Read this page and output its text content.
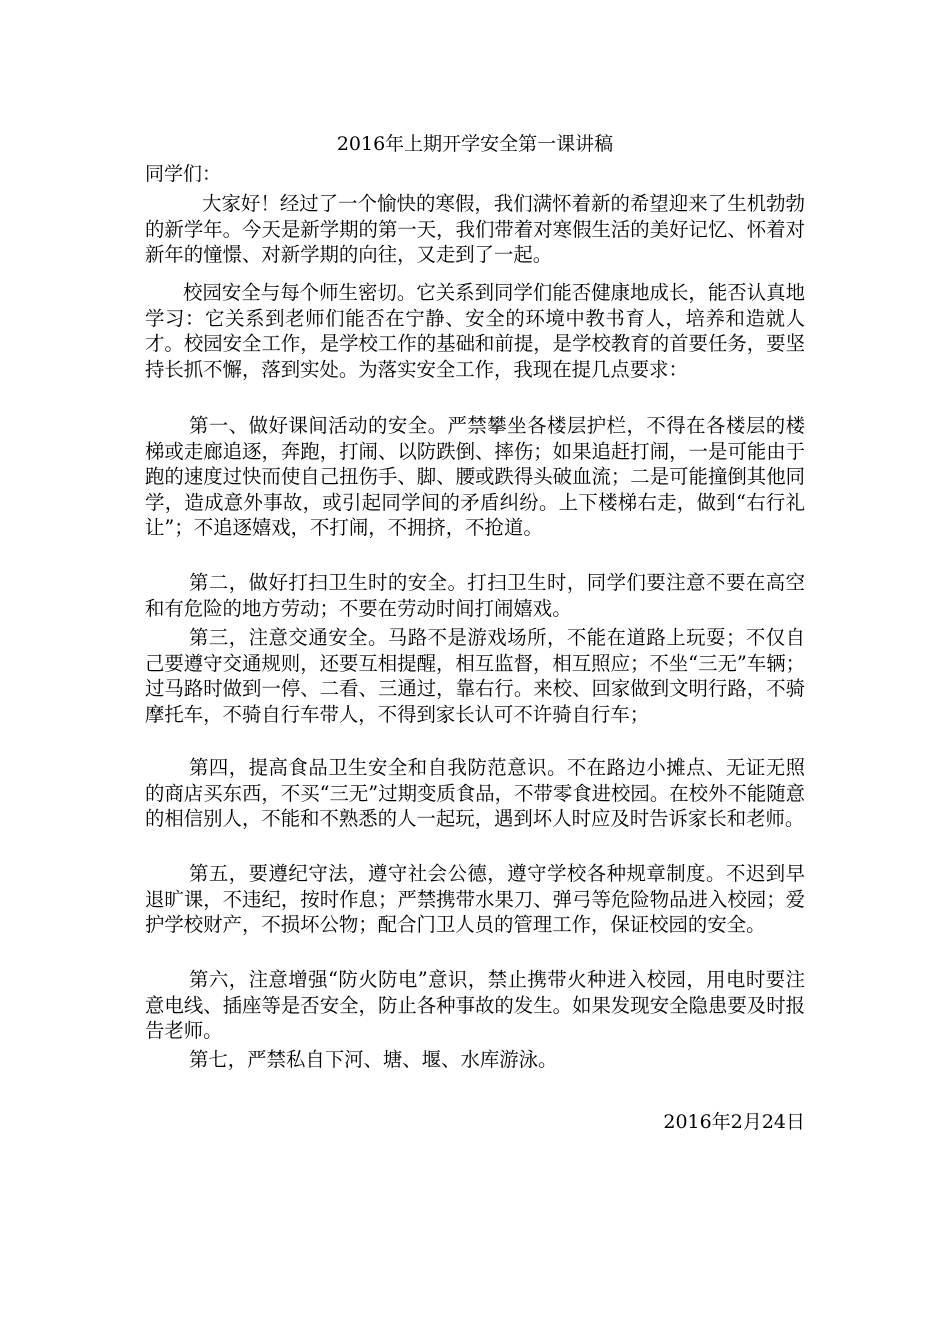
2016年上期开学安全第一课讲稿
同学们：

大家好！经过了一个愉快的寒假，我们满怀着新的希望迎来了生机勃勃的新学年。今天是新学期的第一天，我们带着对寒假生活的美好记忆、怀着对新年的憧憬、对新学期的向往，又走到了一起。

校园安全与每个师生密切。它关系到同学们能否健康地成长，能否认真地学习：它关系到老师们能否在宁静、安全的环境中教书育人，培养和造就人才。校园安全工作，是学校工作的基础和前提，是学校教育的首要任务，要坚持长抓不懈，落到实处。为落实安全工作，我现在提几点要求：

第一、做好课间活动的安全。严禁攀坐各楼层护栏，不得在各楼层的楼梯或走廊追逐，奔跑，打闹、以防跌倒、摔伤；如果追赶打闹，一是可能由于跑的速度过快而使自己扭伤手、脚、腰或跌得头破血流；二是可能撞倒其他同学，造成意外事故，或引起同学间的矛盾纠纷。上下楼梯右走，做到“右行礼让”；不追逐嬉戏，不打闹，不拥挤，不抢道。

第二，做好打扫卫生时的安全。打扫卫生时，同学们要注意不要在高空和有危险的地方劳动；不要在劳动时间打闹嬉戏。

第三，注意交通安全。马路不是游戏场所，不能在道路上玩耍；不仅自己要遵守交通规则，还要互相提醒，相互监督，相互照应；不坐“三无”车辆；过马路时做到一停、二看、三通过，靠右行。来校、回家做到文明行路，不骑摩托车，不骑自行车带人，不得到家长认可不许骑自行车；

第四，提高食品卫生安全和自我防范意识。不在路边小摊点、无证无照的商店买东西，不买“三无”过期变质食品，不带零食进校园。在校外不能随意的相信别人，不能和不熟悉的人一起玩，遇到坏人时应及时告诉家长和老师。

第五，要遵纪守法，遵守社会公德，遵守学校各种规章制度。不迟到早退旷课，不违纪，按时作息；严禁携带水果刀、弹弓等危险物品进入校园；爱护学校财产，不损坏公物；配合门卫人员的管理工作，保证校园的安全。

第六，注意增强“防火防电”意识，禁止携带火种进入校园，用电时要注意电线、插座等是否安全，防止各种事故的发生。如果发现安全隐患要及时报告老师。

第七，严禁私自下河、塘、堰、水库游泳。

2016年2月24日
